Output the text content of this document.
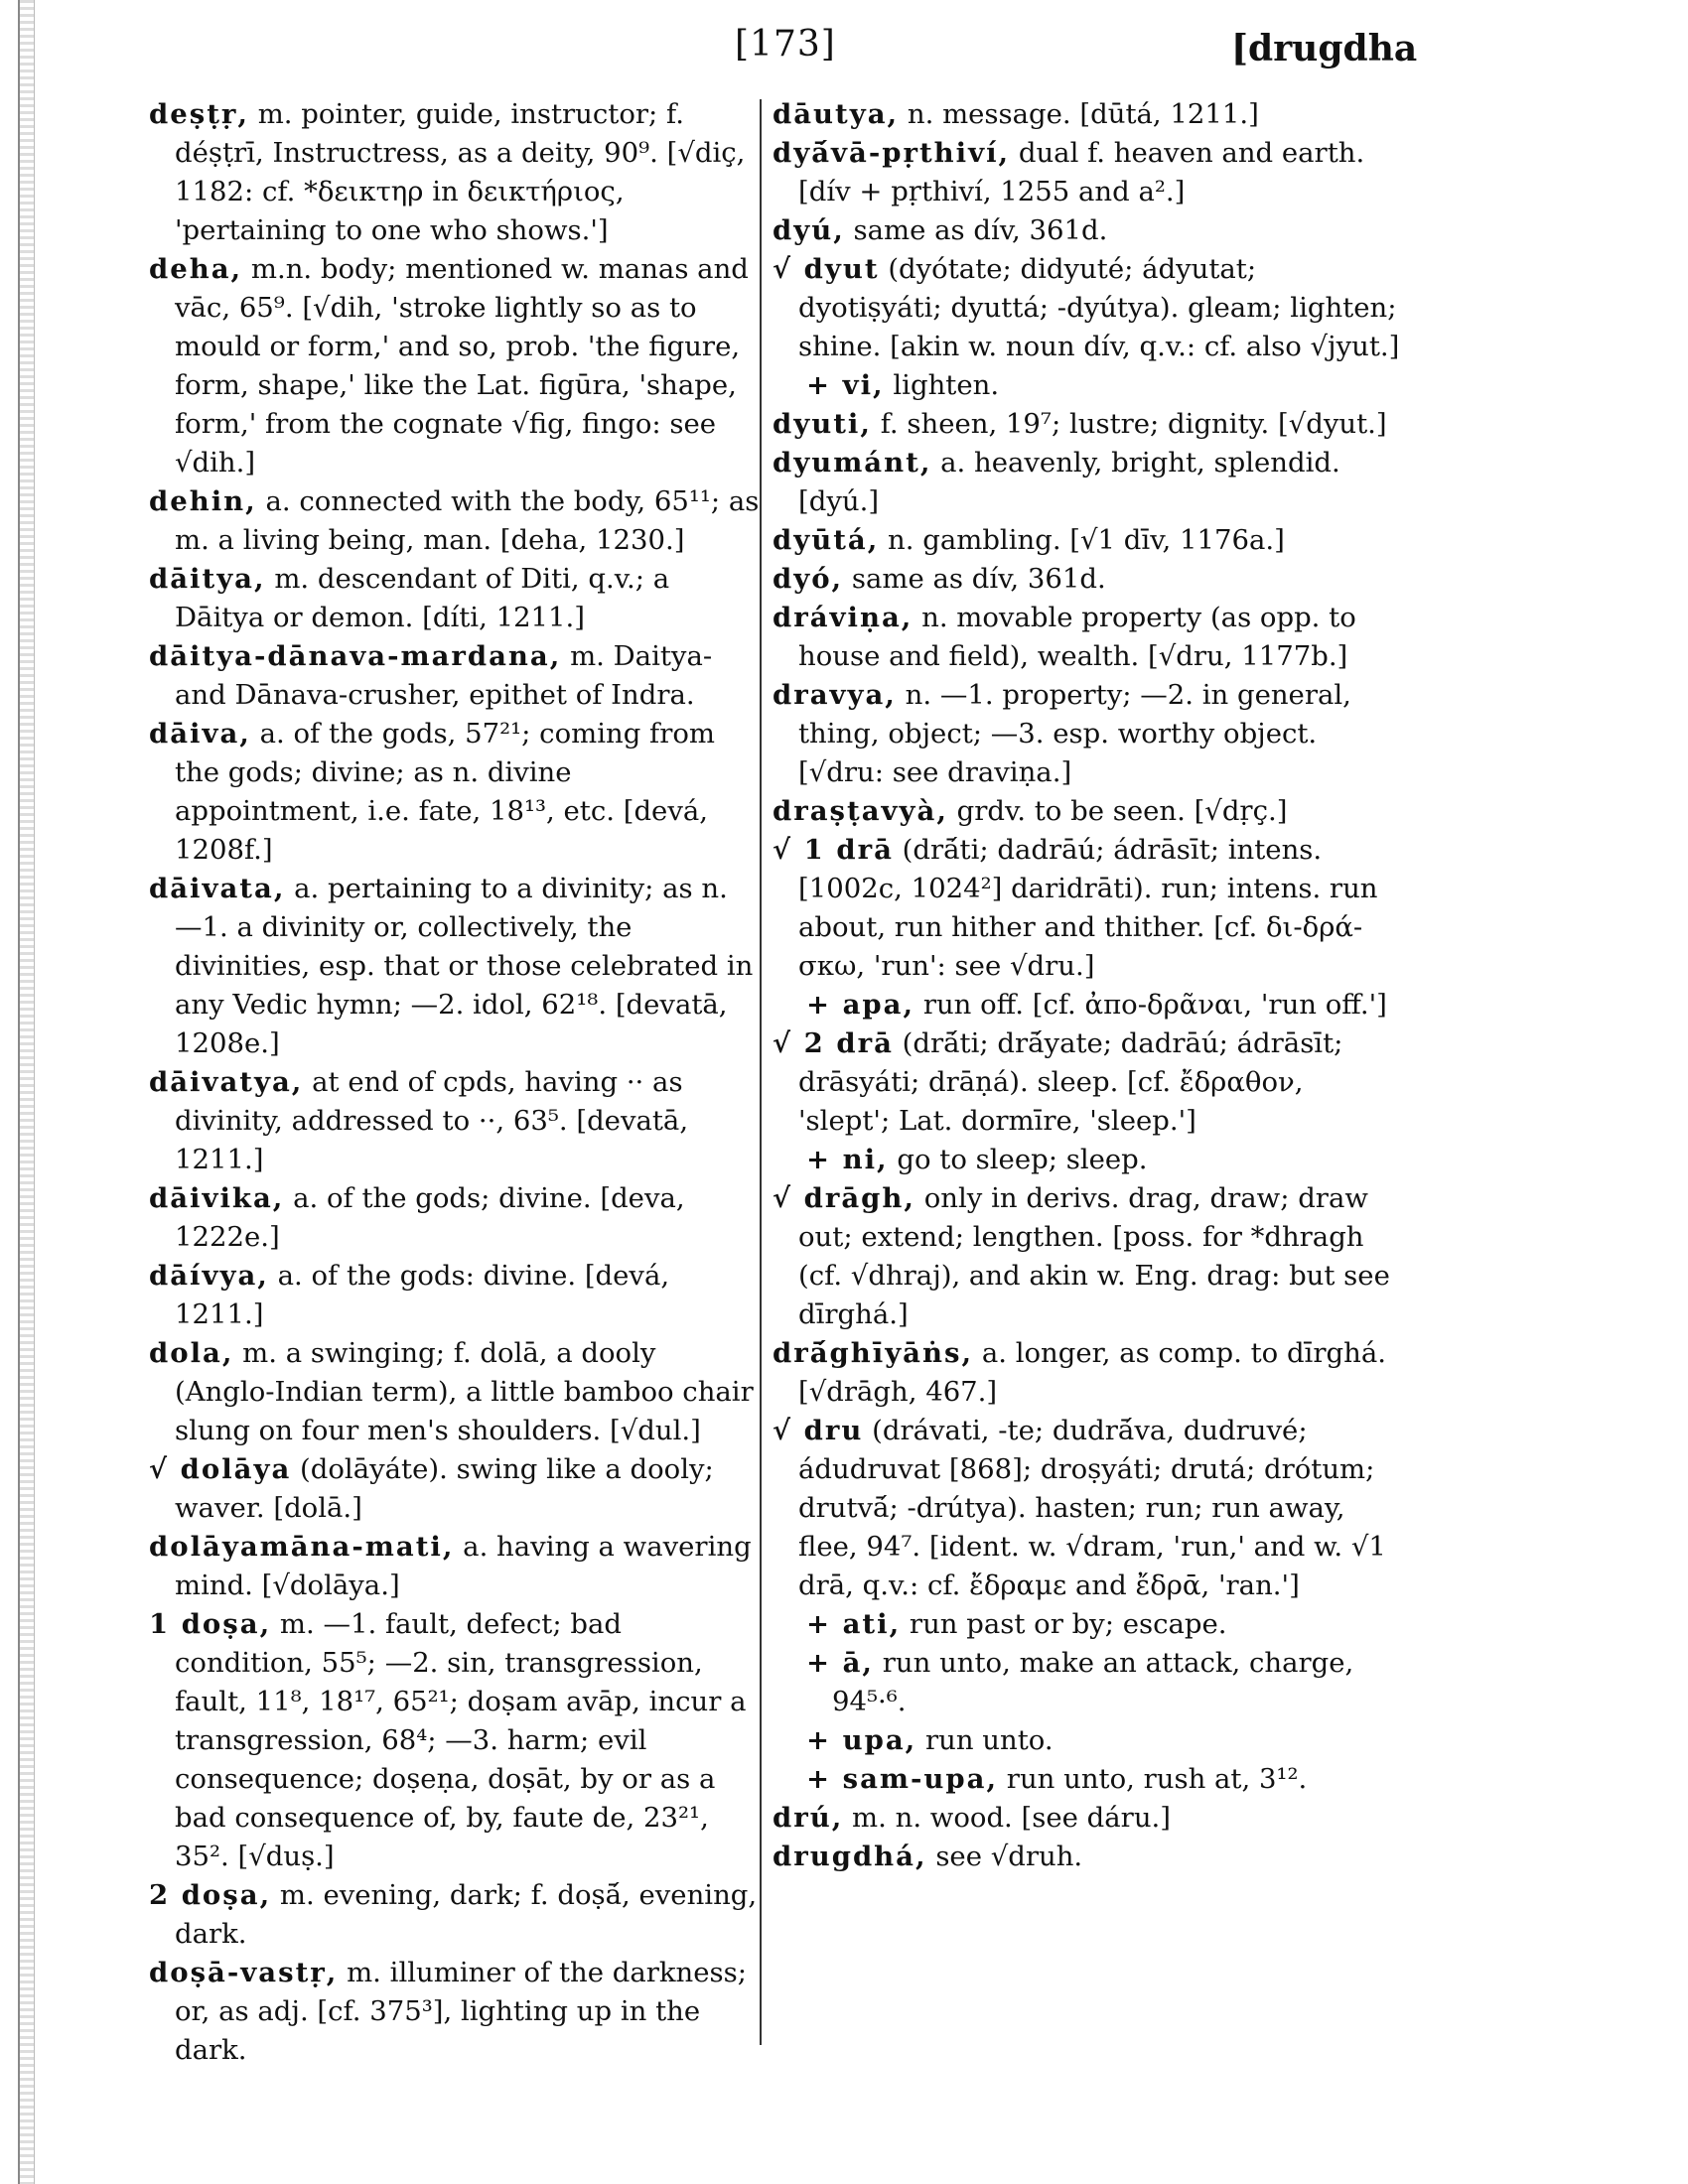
[173]	[drugdha

deṣṭṛ, m. pointer, guide, instructor; f. déṣṭrī, Instructress, as a deity, 90⁹. [√diç, 1182: cf. *δεικτηρ in δεικτήριος, 'pertaining to one who shows.']

deha, m.n. body; mentioned w. manas and vāc, 65⁹. [√dih, 'stroke lightly so as to mould or form,' and so, prob. 'the figure, form, shape,' like the Lat. figūra, 'shape, form,' from the cognate √fig, fingo: see √dih.]

dehin, a. connected with the body, 65¹¹; as m. a living being, man. [deha, 1230.]

dāitya, m. descendant of Diti, q.v.; a Dāitya or demon. [díti, 1211.]

dāitya-dānava-mardana, m. Daitya-and Dānava-crusher, epithet of Indra.

dāiva, a. of the gods, 57²¹; coming from the gods; divine; as n. divine appointment, i.e. fate, 18¹³, etc. [devá, 1208f.]

dāivata, a. pertaining to a divinity; as n. —1. a divinity or, collectively, the divinities, esp. that or those celebrated in any Vedic hymn; —2. idol, 62¹⁸. [devatā, 1208e.]

dāivatya, at end of cpds, having ·· as divinity, addressed to ··, 63⁵. [devatā, 1211.]

dāivika, a. of the gods; divine. [deva, 1222e.]

dāívya, a. of the gods: divine. [devá, 1211.]

dola, m. a swinging; f. dolā, a dooly (Anglo-Indian term), a little bamboo chair slung on four men's shoulders. [√dul.]

√ dolāya (dolāyáte). swing like a dooly; waver. [dolā.]

dolāyamāna-mati, a. having a wavering mind. [√dolāya.]

1 doṣa, m. —1. fault, defect; bad condition, 55⁵; —2. sin, transgression, fault, 11⁸, 18¹⁷, 65²¹; doṣam avāp, incur a transgression, 68⁴; —3. harm; evil consequence; doṣeṇa, doṣāt, by or as a bad consequence of, by, faute de, 23²¹, 35². [√duṣ.]

2 doṣa, m. evening, dark; f. doṣā́, evening, dark.

doṣā-vastṛ, m. illuminer of the darkness; or, as adj. [cf. 375³], lighting up in the dark.

dāutya, n. message. [dūtá, 1211.]

dyā́vā-pṛthiví, dual f. heaven and earth. [dív + pṛthiví, 1255 and a².]

dyú, same as dív, 361d.

√ dyut (dyótate; didyuté; ádyutat; dyotiṣyáti; dyuttá; -dyútya). gleam; lighten; shine. [akin w. noun dív, q.v.: cf. also √jyut.]

+ vi, lighten.

dyuti, f. sheen, 19⁷; lustre; dignity. [√dyut.]

dyumánt, a. heavenly, bright, splendid. [dyú.]

dyūtá, n. gambling. [√1 dīv, 1176a.]

dyó, same as dív, 361d.

dráviṇa, n. movable property (as opp. to house and field), wealth. [√dru, 1177b.]

dravya, n. —1. property; —2. in general, thing, object; —3. esp. worthy object. [√dru: see draviṇa.]

draṣṭavyà, grdv. to be seen. [√dṛç.]

√ 1 drā (drā́ti; dadrāú; ádrāsīt; intens. [1002c, 1024²] daridrāti). run; intens. run about, run hither and thither. [cf. δι-δρά-σκω, 'run': see √dru.]

+ apa, run off. [cf. ἀπο-δρᾶναι, 'run off.']

√ 2 drā (drā́ti; drā́yate; dadrāú; ádrāsīt; drāsyáti; drāṇá). sleep. [cf. ἔδραθον, 'slept'; Lat. dormīre, 'sleep.']

+ ni, go to sleep; sleep.

√ drāgh, only in derivs. drag, draw; draw out; extend; lengthen. [poss. for *dhragh (cf. √dhraj), and akin w. Eng. drag: but see dīrghá.]

drā́ghīyāṅs, a. longer, as comp. to dīrghá. [√drāgh, 467.]

√ dru (drávati, -te; dudrā́va, dudruvé; ádudruvat [868]; droṣyáti; drutá; drótum; drutvā́; -drútya). hasten; run; run away, flee, 94⁷. [ident. w. √dram, 'run,' and w. √1 drā, q.v.: cf. ἔδραμε and ἔδρᾱ, 'ran.']

+ ati, run past or by; escape.

+ ā, run unto, make an attack, charge, 94⁵·⁶.

+ upa, run unto.

+ sam-upa, run unto, rush at, 3¹².

drú, m. n. wood. [see dáru.]

drugdhá, see √druh.
